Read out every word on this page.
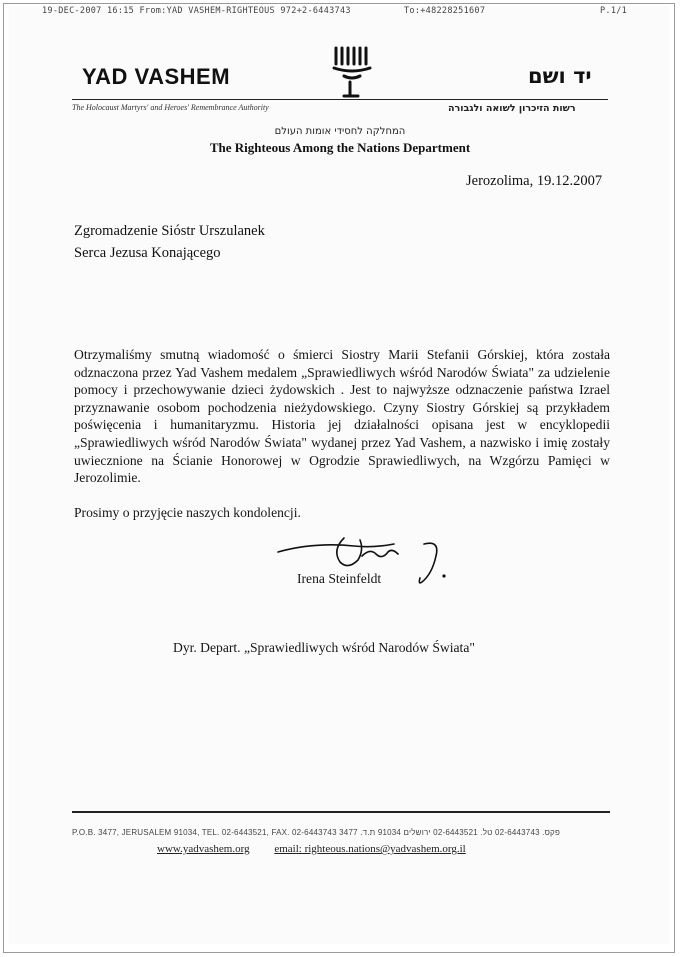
19-DEC-2007 16:15 From:YAD VASHEM-RIGHTEOUS 972+2-6443743	To:+48228251607	P.1/1
YAD VASHEM	יד ושם
The Holocaust Martyrs' and Heroes' Remembrance Authority	רשות הזיכרון לשואה ולגבורה
המחלקה לחסידי אומות העולם
The Righteous Among the Nations Department
Jerozolima, 19.12.2007
Zgromadzenie Sióstr Urszulanek
Serca Jezusa Konającego
Otrzymaliśmy smutną wiadomość o śmierci Siostry Marii Stefanii Górskiej, która została odznaczona przez Yad Vashem medalem „Sprawiedliwych wśród Narodów Świata" za udzielenie pomocy i przechowywanie dzieci żydowskich . Jest to najwyższe odznaczenie państwa Izrael przyznawanie osobom pochodzenia nieżydowskiego. Czyny Siostry Górskiej są przykładem poświęcenia i humanitaryzmu. Historia jej działalności opisana jest w encyklopedii „Sprawiedliwych wśród Narodów Świata" wydanej przez Yad Vashem, a nazwisko i imię zostały uwiecznione na Ścianie Honorowej w Ogrodzie Sprawiedliwych, na Wzgórzu Pamięci w Jerozolimie.
Prosimy o przyjęcie naszych kondolencji.
Irena Steinfeldt
Dyr. Depart. „Sprawiedliwych wśród Narodów Świata"
P.O.B. 3477, JERUSALEM 91034, TEL. 02-6443521, FAX. 02-6443743 פקס. 02-6443743 טל. 02-6443521 ירושלים 91034 ת.ד. 3477
www.yadvashem.org email: righteous.nations@yadvashem.org.il
